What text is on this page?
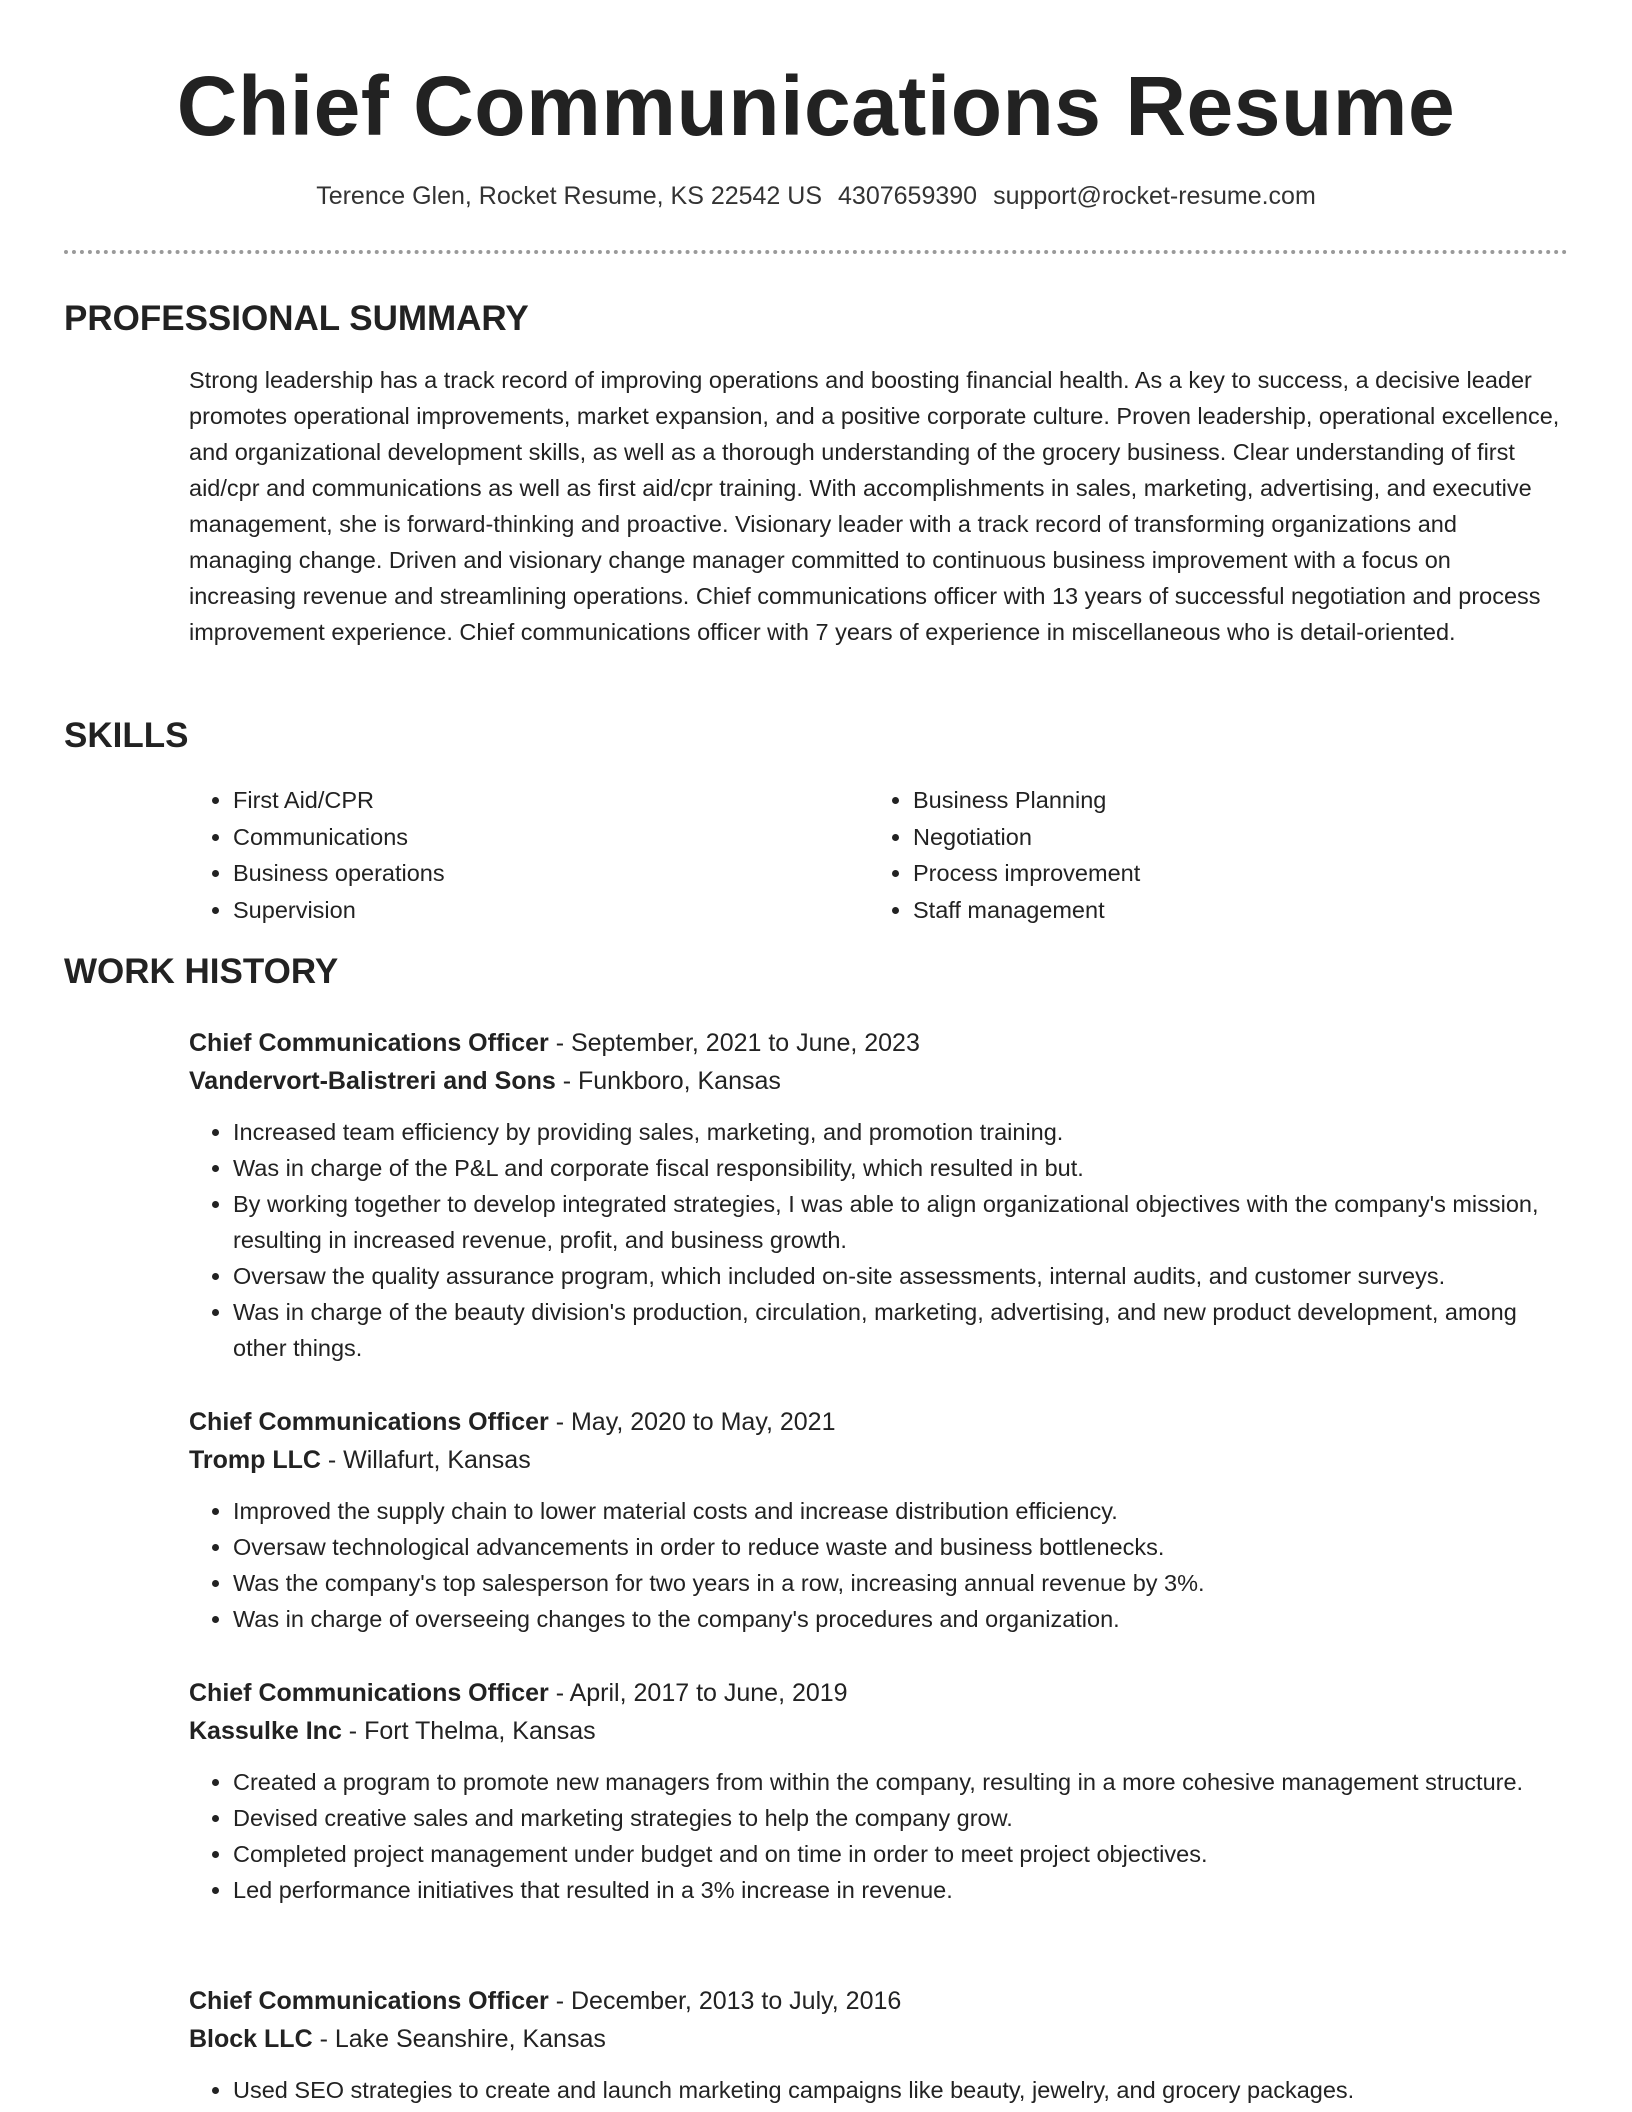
Chief Communications Resume
Terence Glen, Rocket Resume, KS 22542 US 4307659390 support@rocket-resume.com
PROFESSIONAL SUMMARY

Strong leadership has a track record of improving operations and boosting financial health. As a key to success, a decisive leader promotes operational improvements, market expansion, and a positive corporate culture. Proven leadership, operational excellence, and organizational development skills, as well as a thorough understanding of the grocery business. Clear understanding of first aid/cpr and communications as well as first aid/cpr training. With accomplishments in sales, marketing, advertising, and executive management, she is forward-thinking and proactive. Visionary leader with a track record of transforming organizations and managing change. Driven and visionary change manager committed to continuous business improvement with a focus on increasing revenue and streamlining operations. Chief communications officer with 13 years of successful negotiation and process improvement experience. Chief communications officer with 7 years of experience in miscellaneous who is detail-oriented.

SKILLS
• First Aid/CPR
• Communications
• Business operations
• Supervision
• Business Planning
• Negotiation
• Process improvement
• Staff management
WORK HISTORY
Chief Communications Officer - September, 2021 to June, 2023
Vandervort-Balistreri and Sons - Funkboro, Kansas
• Increased team efficiency by providing sales, marketing, and promotion training.
• Was in charge of the P&L and corporate fiscal responsibility, which resulted in but.
• By working together to develop integrated strategies, I was able to align organizational objectives with the company's mission, resulting in increased revenue, profit, and business growth.
• Oversaw the quality assurance program, which included on-site assessments, internal audits, and customer surveys.
• Was in charge of the beauty division's production, circulation, marketing, advertising, and new product development, among other things.
Chief Communications Officer - May, 2020 to May, 2021
Tromp LLC - Willafurt, Kansas
• Improved the supply chain to lower material costs and increase distribution efficiency.
• Oversaw technological advancements in order to reduce waste and business bottlenecks.
• Was the company's top salesperson for two years in a row, increasing annual revenue by 3%.
• Was in charge of overseeing changes to the company's procedures and organization.
Chief Communications Officer - April, 2017 to June, 2019
Kassulke Inc - Fort Thelma, Kansas
• Created a program to promote new managers from within the company, resulting in a more cohesive management structure.
• Devised creative sales and marketing strategies to help the company grow.
• Completed project management under budget and on time in order to meet project objectives.
• Led performance initiatives that resulted in a 3% increase in revenue.
Chief Communications Officer - December, 2013 to July, 2016
Block LLC - Lake Seanshire, Kansas
• Used SEO strategies to create and launch marketing campaigns like beauty, jewelry, and grocery packages.
